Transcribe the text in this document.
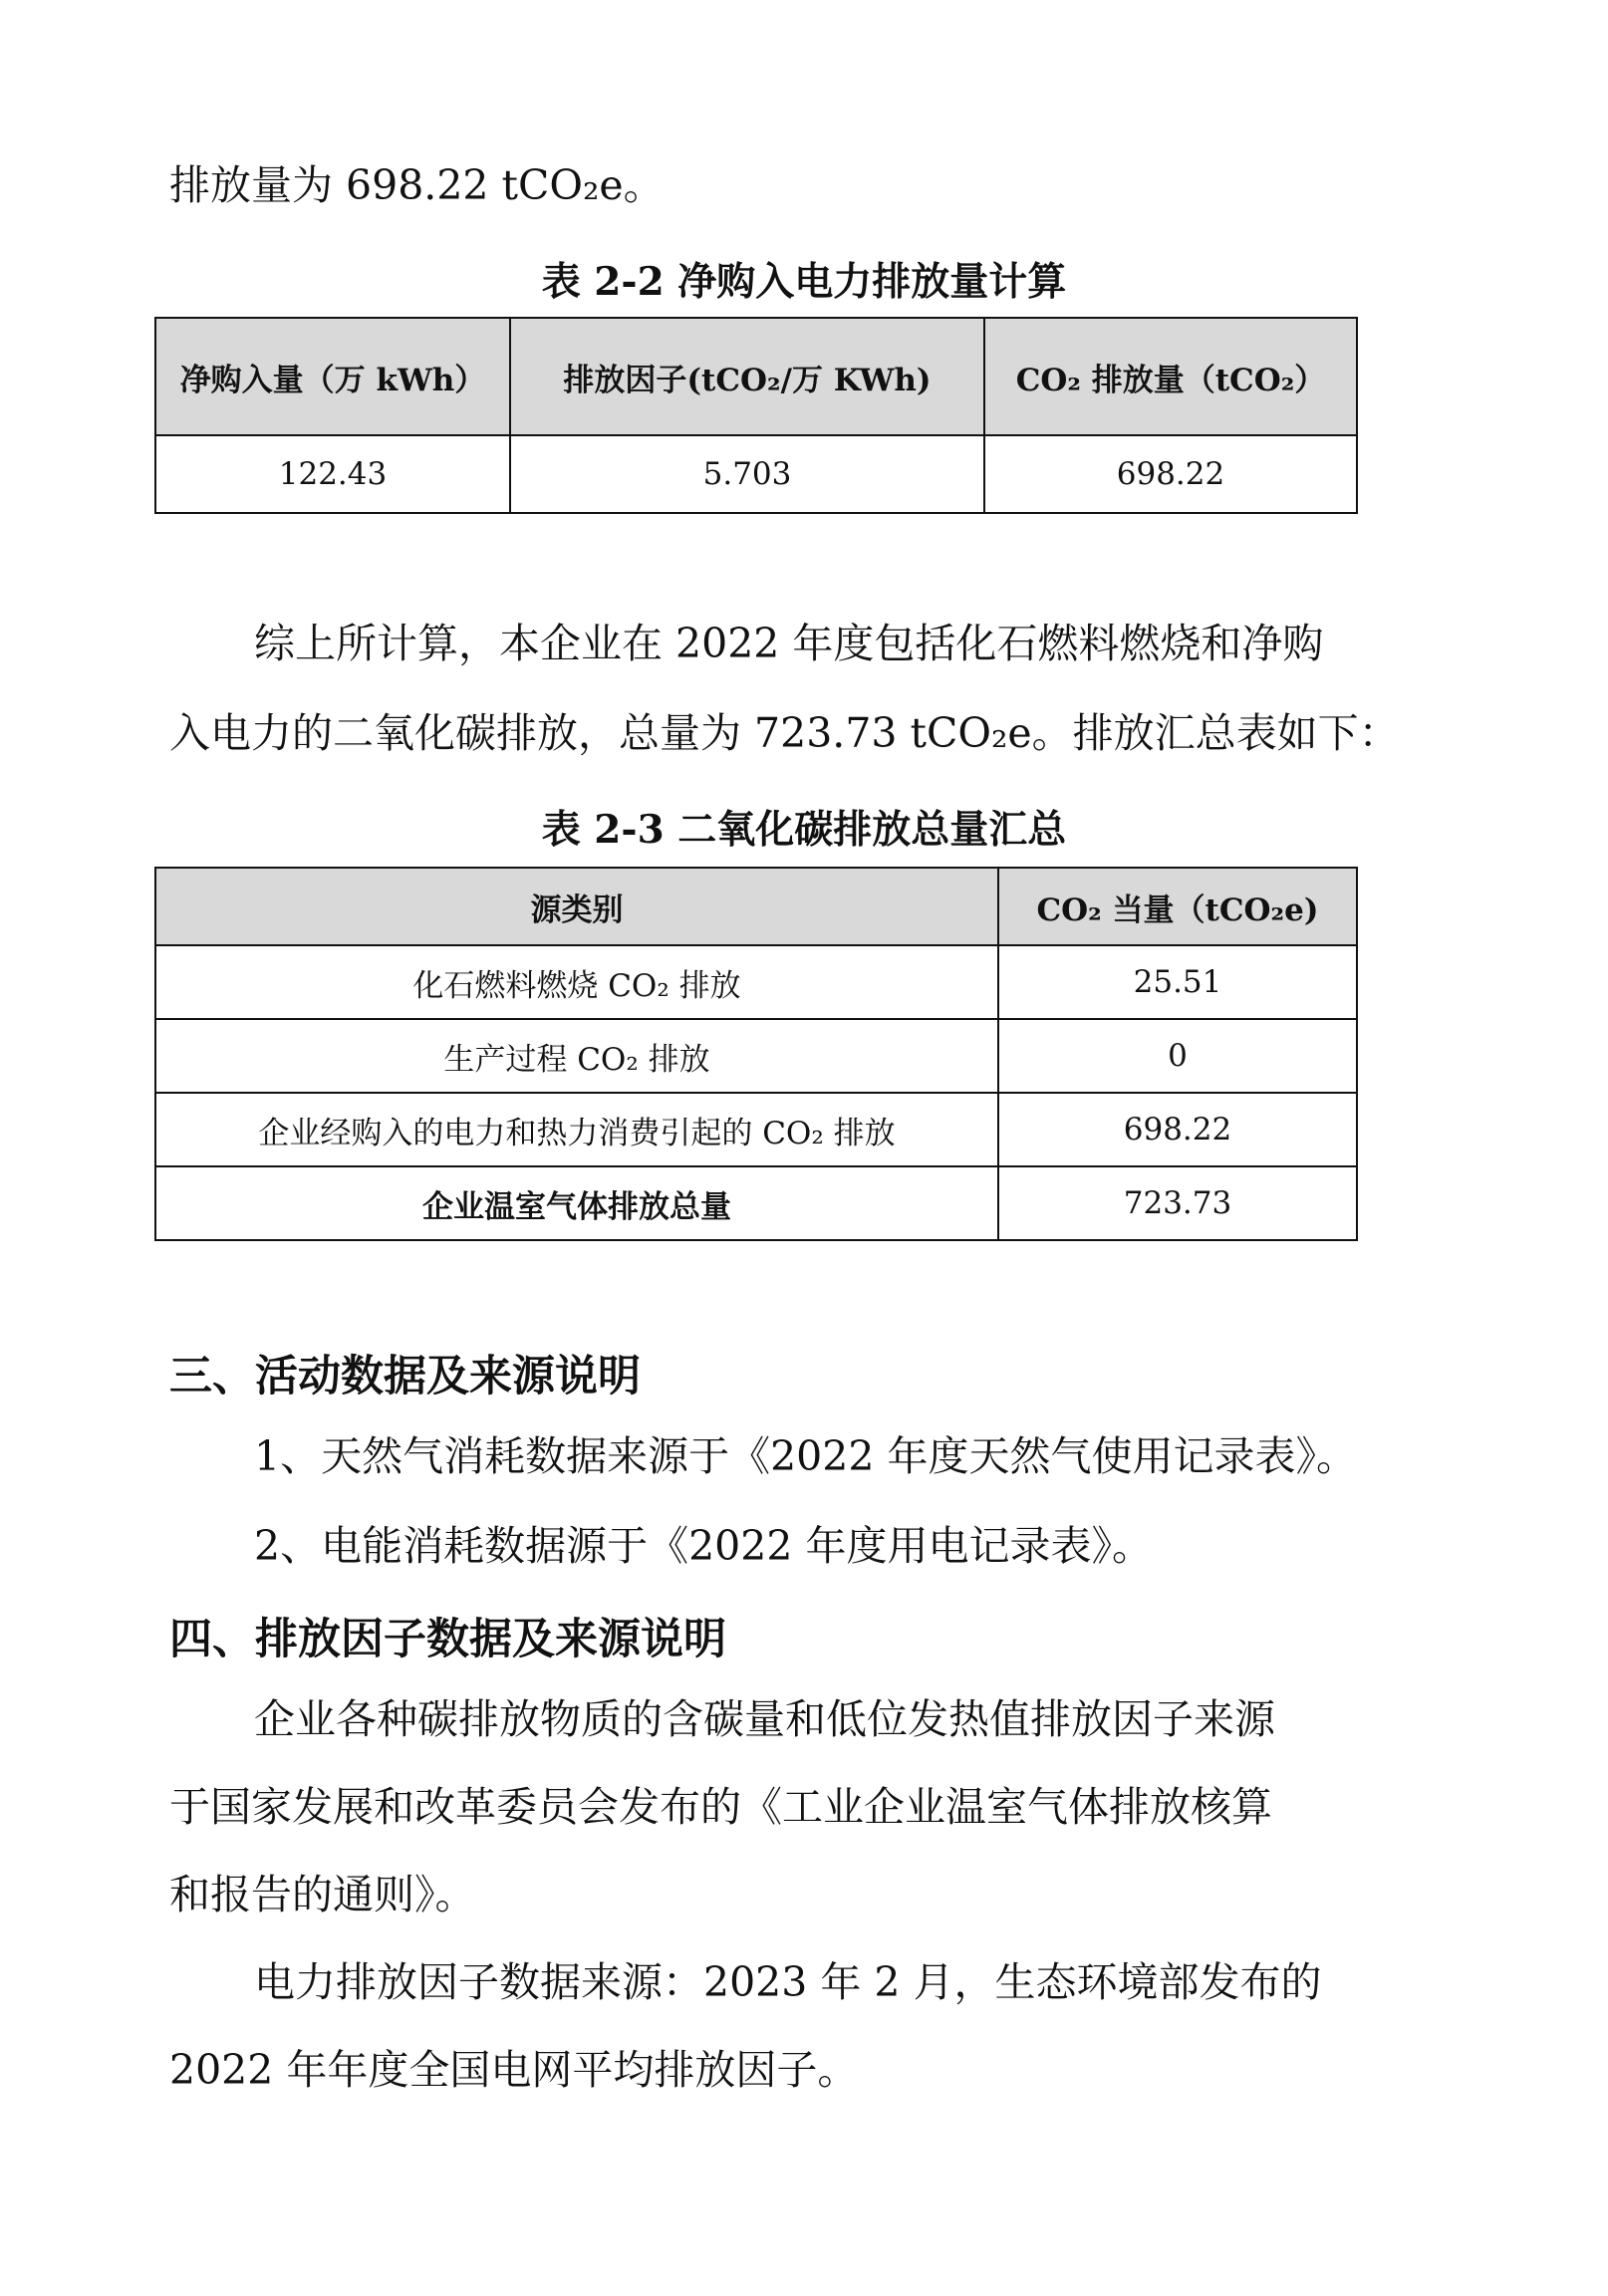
排放量为 698.22 tCO₂e。
表 2-2 净购入电力排放量计算
净购入量（万 kWh）	排放因子(tCO₂/万 KWh)	CO₂ 排放量（tCO₂）
122.43	5.703	698.22
综上所计算，本企业在 2022 年度包括化石燃料燃烧和净购
入电力的二氧化碳排放，总量为 723.73 tCO₂e。排放汇总表如下：
表 2-3 二氧化碳排放总量汇总
源类别	CO₂ 当量（tCO₂e)
化石燃料燃烧 CO₂ 排放	25.51
生产过程 CO₂ 排放	0
企业经购入的电力和热力消费引起的 CO₂ 排放	698.22
企业温室气体排放总量	723.73
三、活动数据及来源说明
1、天然气消耗数据来源于《2022 年度天然气使用记录表》。
2、电能消耗数据源于《2022 年度用电记录表》。
四、排放因子数据及来源说明
企业各种碳排放物质的含碳量和低位发热值排放因子来源
于国家发展和改革委员会发布的《工业企业温室气体排放核算
和报告的通则》。
电力排放因子数据来源：2023 年 2 月，生态环境部发布的
2022 年年度全国电网平均排放因子。
